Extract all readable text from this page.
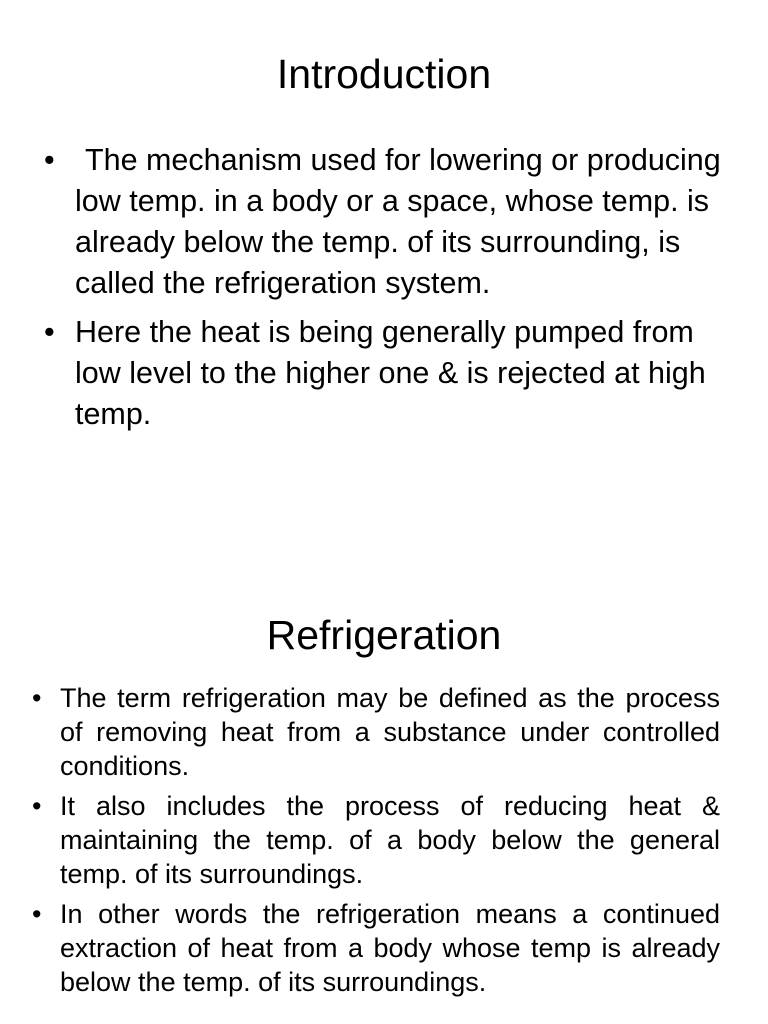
Introduction
• The mechanism used for lowering or producing low temp. in a body or a space, whose temp. is already below the temp. of its surrounding, is called the refrigeration system.
• Here the heat is being generally pumped from low level to the higher one & is rejected at high temp.
Refrigeration
• The term refrigeration may be defined as the process of removing heat from a substance under controlled conditions.
• It also includes the process of reducing heat & maintaining the temp. of a body below the general temp. of its surroundings.
• In other words the refrigeration means a continued extraction of heat from a body whose temp is already below the temp. of its surroundings.
